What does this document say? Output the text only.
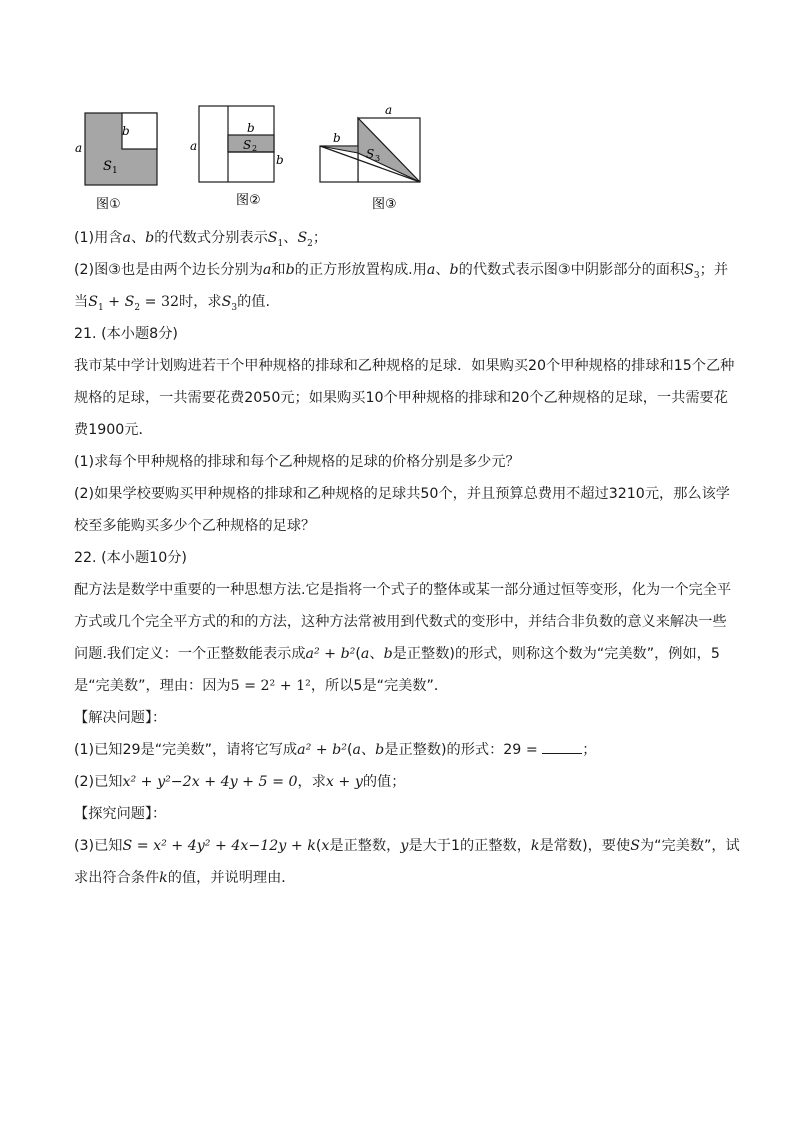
a
b
S 1
图①
a
b
b
S 2
图②
a
b
S 3
图③
(1)用含a、b的代数式分别表示$S_1$、$S_2$；
(2)图③也是由两个边长分别为a和b的正方形放置构成.用a、b的代数式表示图③中阴影部分的面积$S_3$；并
当$S_1 + S_2 = 32$时，求$S_3$的值.
21. (本小题8分)
我市某中学计划购进若干个甲种规格的排球和乙种规格的足球．如果购买20个甲种规格的排球和15个乙种
规格的足球，一共需要花费2050元；如果购买10个甲种规格的排球和20个乙种规格的足球，一共需要花
费1900元．
(1)求每个甲种规格的排球和每个乙种规格的足球的价格分别是多少元？
(2)如果学校要购买甲种规格的排球和乙种规格的足球共50个，并且预算总费用不超过3210元，那么该学
校至多能购买多少个乙种规格的足球？
22. (本小题10分)
配方法是数学中重要的一种思想方法.它是指将一个式子的整体或某一部分通过恒等变形，化为一个完全平
方式或几个完全平方式的和的方法，这种方法常被用到代数式的变形中，并结合非负数的意义来解决一些
问题.我们定义：一个正整数能表示成a² + b²(a、b是正整数)的形式，则称这个数为“完美数”，例如，5
是“完美数”，理由：因为5 = 2² + 1²，所以5是“完美数”．
【解决问题】：
(1)已知29是“完美数”，请将它写成a² + b²(a、b是正整数)的形式：29 =	；
(2)已知x² + y²−2x + 4y + 5 = 0，求x + y的值；
【探究问题】：
(3)已知S = x² + 4y² + 4x−12y + k(x是正整数，y是大于1的正整数，k是常数)，要使S为“完美数”，试
求出符合条件k的值，并说明理由．
